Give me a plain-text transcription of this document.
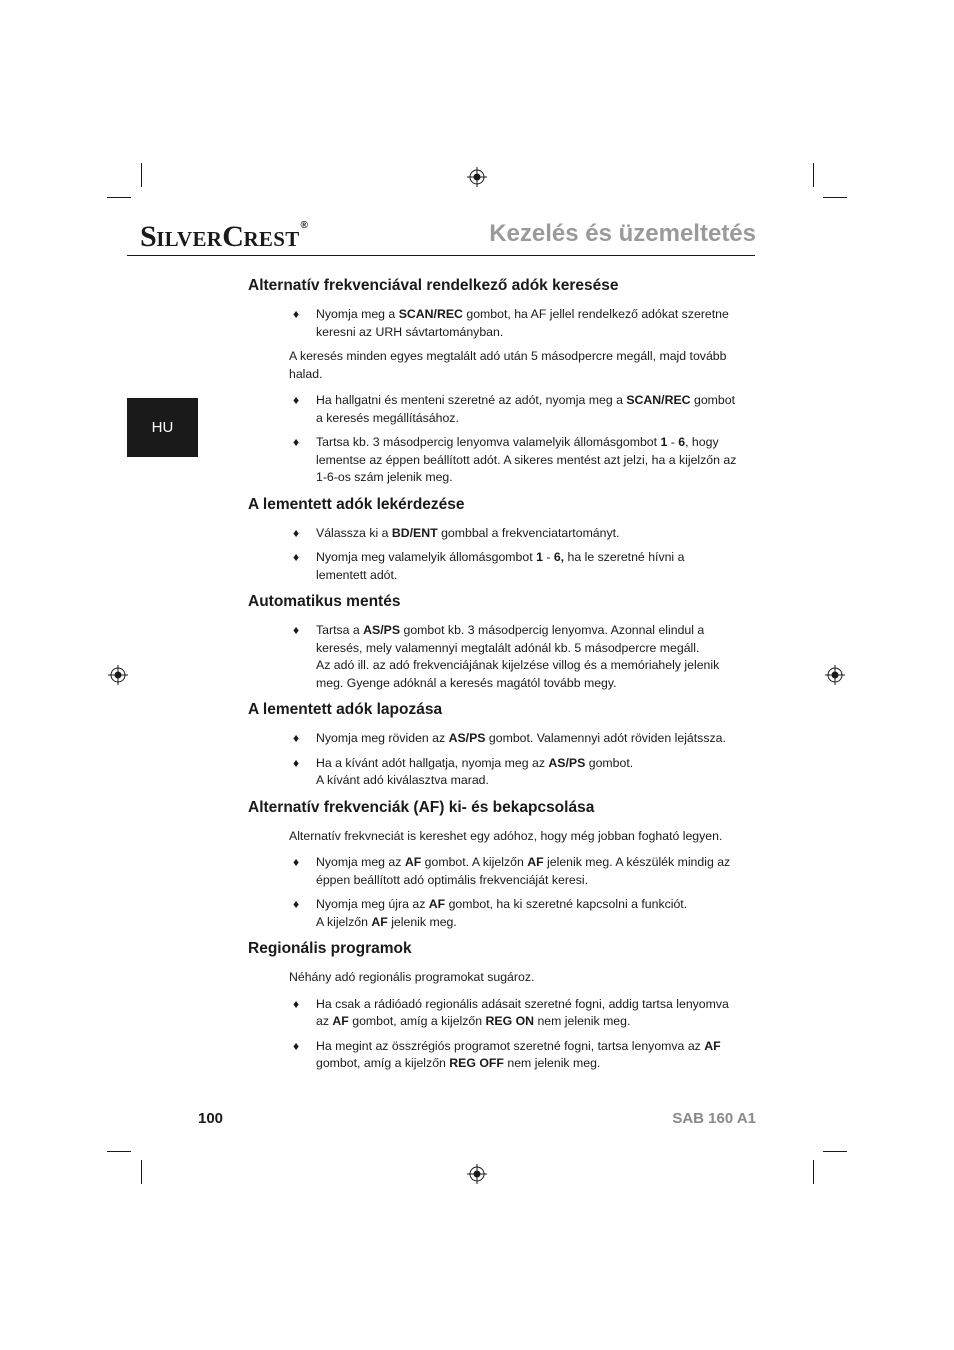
SILVERCREST®	Kezelés és üzemeltetés
HU
Alternatív frekvenciával rendelkező adók keresése
♦ Nyomja meg a SCAN/REC gombot, ha AF jellel rendelkező adókat szeretne keresni az URH sávtartományban.
A keresés minden egyes megtalált adó után 5 másodpercre megáll, majd tovább halad.
♦ Ha hallgatni és menteni szeretné az adót, nyomja meg a SCAN/REC gombot a keresés megállításához.
♦ Tartsa kb. 3 másodpercig lenyomva valamelyik állomásgombot 1 - 6, hogy lementse az éppen beállított adót. A sikeres mentést azt jelzi, ha a kijelzőn az 1-6-os szám jelenik meg.
A lementett adók lekérdezése
♦ Válassza ki a BD/ENT gombbal a frekvenciatartományt.
♦ Nyomja meg valamelyik állomásgombot 1 - 6, ha le szeretné hívni a lementett adót.
Automatikus mentés
♦ Tartsa a AS/PS gombot kb. 3 másodpercig lenyomva. Azonnal elindul a keresés, mely valamennyi megtalált adónál kb. 5 másodpercre megáll.
Az adó ill. az adó frekvenciájának kijelzése villog és a memóriahely jelenik meg. Gyenge adóknál a keresés magától tovább megy.
A lementett adók lapozása
♦ Nyomja meg röviden az AS/PS gombot. Valamennyi adót röviden lejátssza.
♦ Ha a kívánt adót hallgatja, nyomja meg az AS/PS gombot.
A kívánt adó kiválasztva marad.
Alternatív frekvenciák (AF) ki- és bekapcsolása
Alternatív frekvneciát is kereshet egy adóhoz, hogy még jobban fogható legyen.
♦ Nyomja meg az AF gombot. A kijelzőn AF jelenik meg. A készülék mindig az éppen beállított adó optimális frekvenciáját keresi.
♦ Nyomja meg újra az AF gombot, ha ki szeretné kapcsolni a funkciót.
A kijelzőn AF jelenik meg.
Regionális programok
Néhány adó regionális programokat sugároz.
♦ Ha csak a rádióadó regionális adásait szeretné fogni, addig tartsa lenyomva az AF gombot, amíg a kijelzőn REG ON nem jelenik meg.
♦ Ha megint az összrégiós programot szeretné fogni, tartsa lenyomva az AF gombot, amíg a kijelzőn REG OFF nem jelenik meg.
100	SAB 160 A1
